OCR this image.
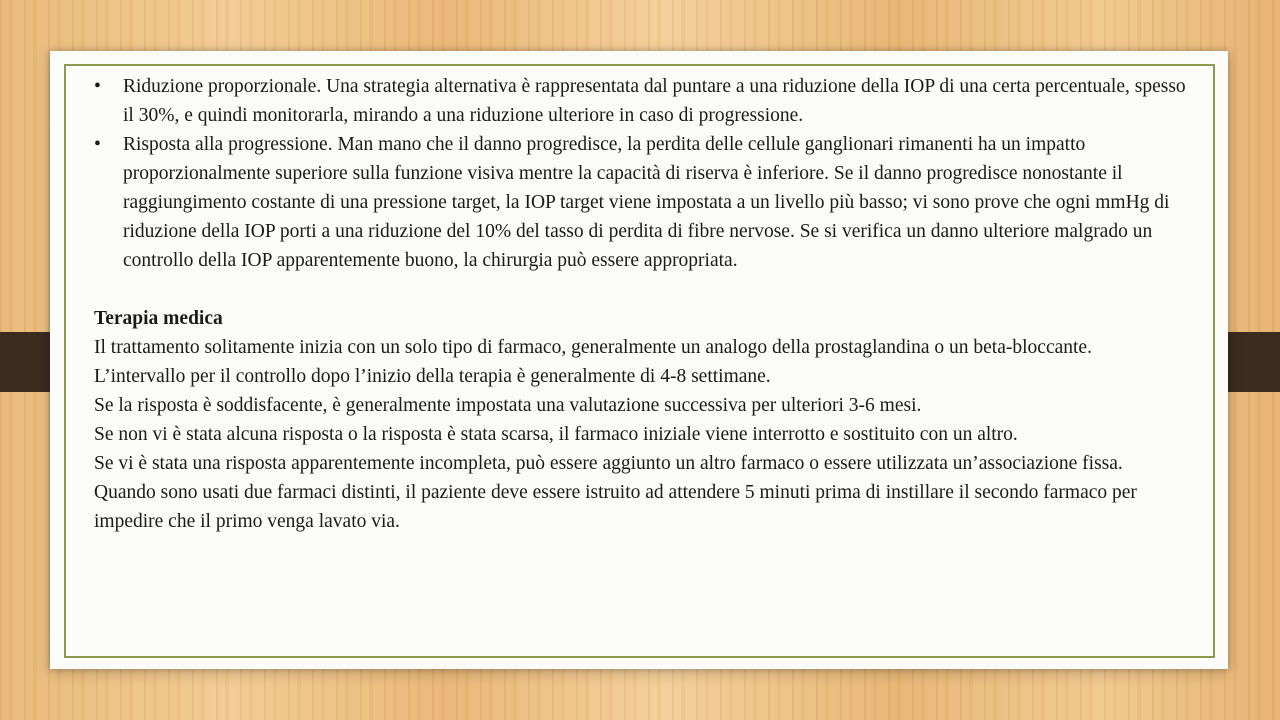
• Riduzione proporzionale. Una strategia alternativa è rappresentata dal puntare a una riduzione della IOP di una certa percentuale, spesso il 30%, e quindi monitorarla, mirando a una riduzione ulteriore in caso di progressione.
• Risposta alla progressione. Man mano che il danno progredisce, la perdita delle cellule ganglionari rimanenti ha un impatto proporzionalmente superiore sulla funzione visiva mentre la capacità di riserva è inferiore. Se il danno progredisce nonostante il raggiungimento costante di una pressione target, la IOP target viene impostata a un livello più basso; vi sono prove che ogni mmHg di riduzione della IOP porti a una riduzione del 10% del tasso di perdita di fibre nervose. Se si verifica un danno ulteriore malgrado un controllo della IOP apparentemente buono, la chirurgia può essere appropriata.
Terapia medica

Il trattamento solitamente inizia con un solo tipo di farmaco, generalmente un analogo della prostaglandina o un beta-bloccante.

L’intervallo per il controllo dopo l’inizio della terapia è generalmente di 4-8 settimane.

Se la risposta è soddisfacente, è generalmente impostata una valutazione successiva per ulteriori 3-6 mesi.

Se non vi è stata alcuna risposta o la risposta è stata scarsa, il farmaco iniziale viene interrotto e sostituito con un altro.

Se vi è stata una risposta apparentemente incompleta, può essere aggiunto un altro farmaco o essere utilizzata un’associazione fissa.

Quando sono usati due farmaci distinti, il paziente deve essere istruito ad attendere 5 minuti prima di instillare il secondo farmaco per impedire che il primo venga lavato via.
